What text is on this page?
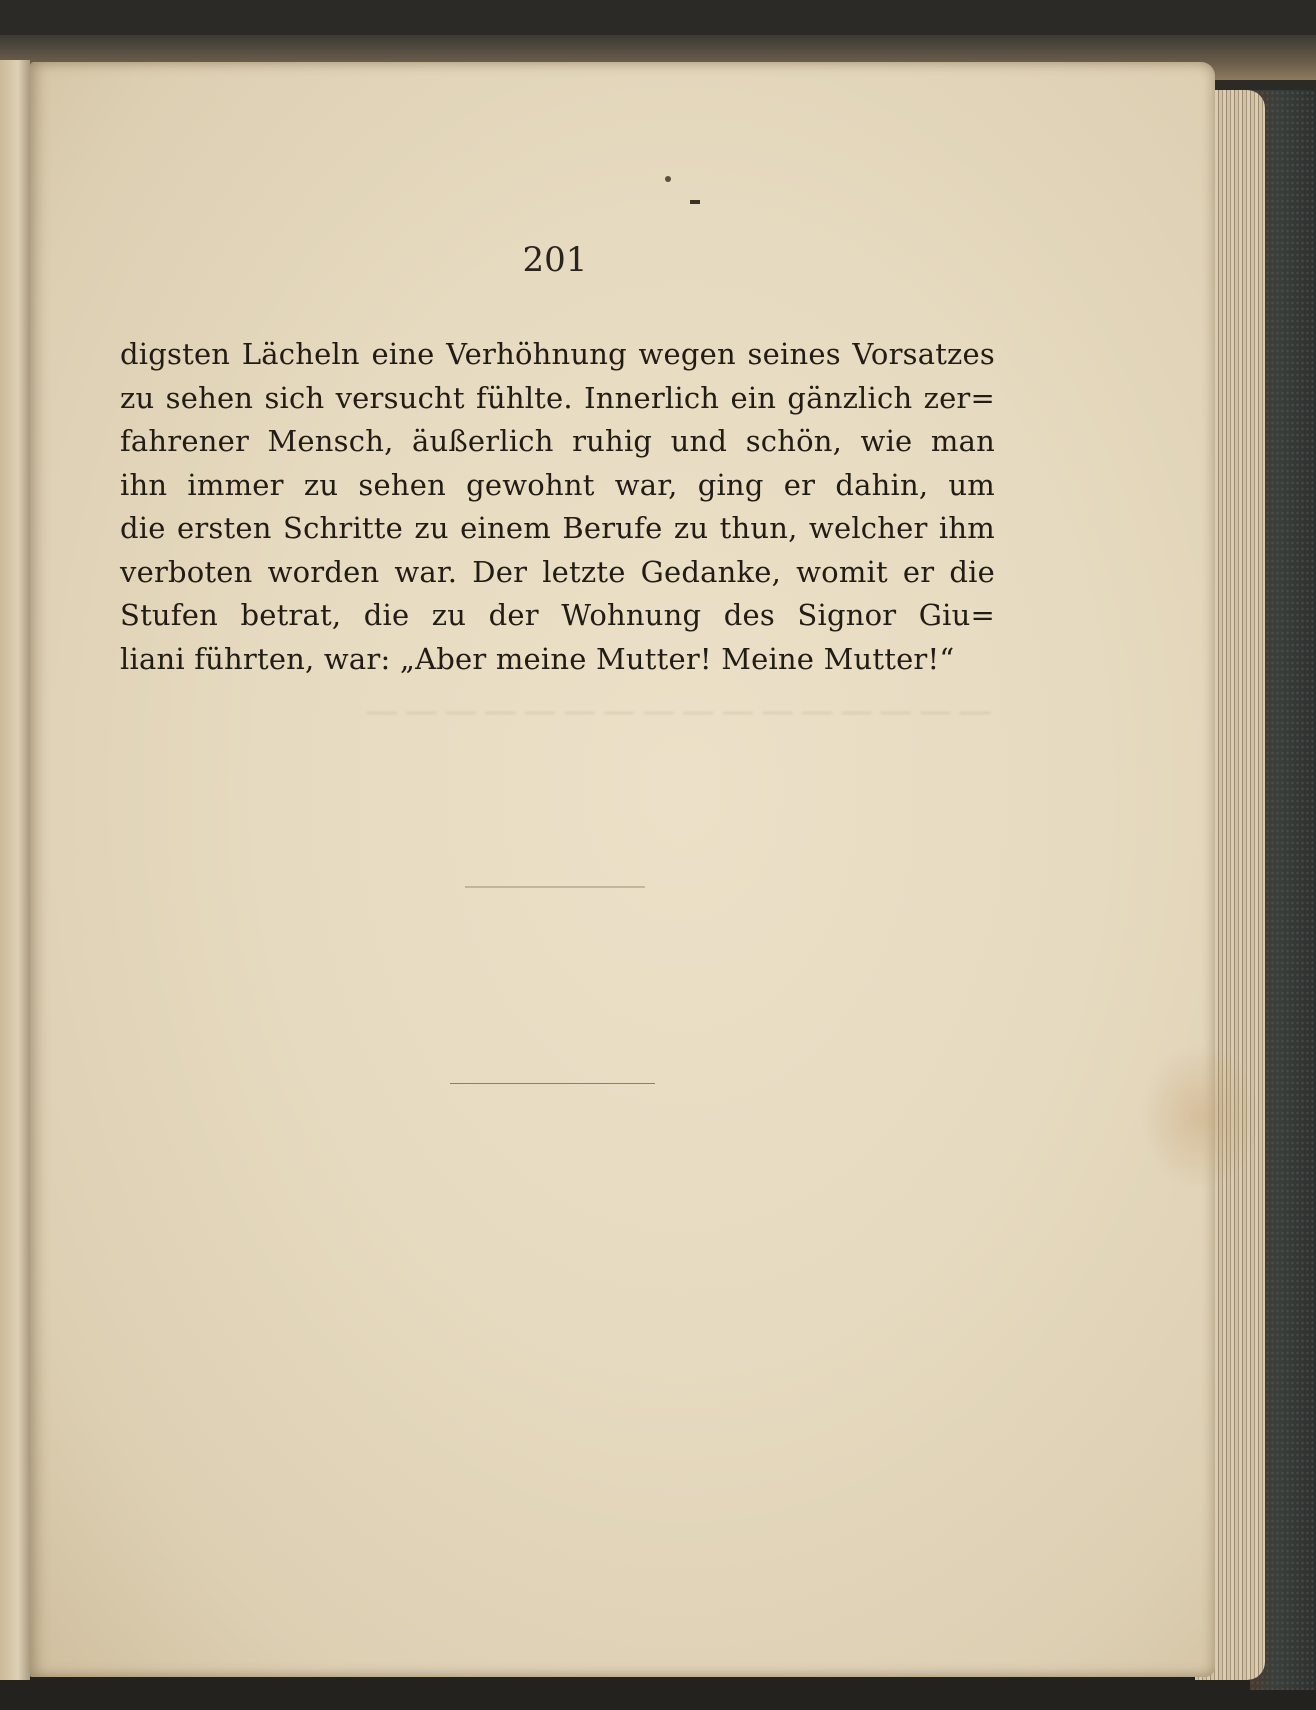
― ― ― ― ― ― ― ― ― ― ― ― ― ― ― ―
201
digsten Lächeln eine Verhöhnung wegen seines Vorsatzes
zu sehen sich versucht fühlte. Innerlich ein gänzlich zer=
fahrener Mensch, äußerlich ruhig und schön, wie man
ihn immer zu sehen gewohnt war, ging er dahin, um
die ersten Schritte zu einem Berufe zu thun, welcher ihm
verboten worden war. Der letzte Gedanke, womit er die
Stufen betrat, die zu der Wohnung des Signor Giu=
liani führten, war: „Aber meine Mutter! Meine Mutter!“
